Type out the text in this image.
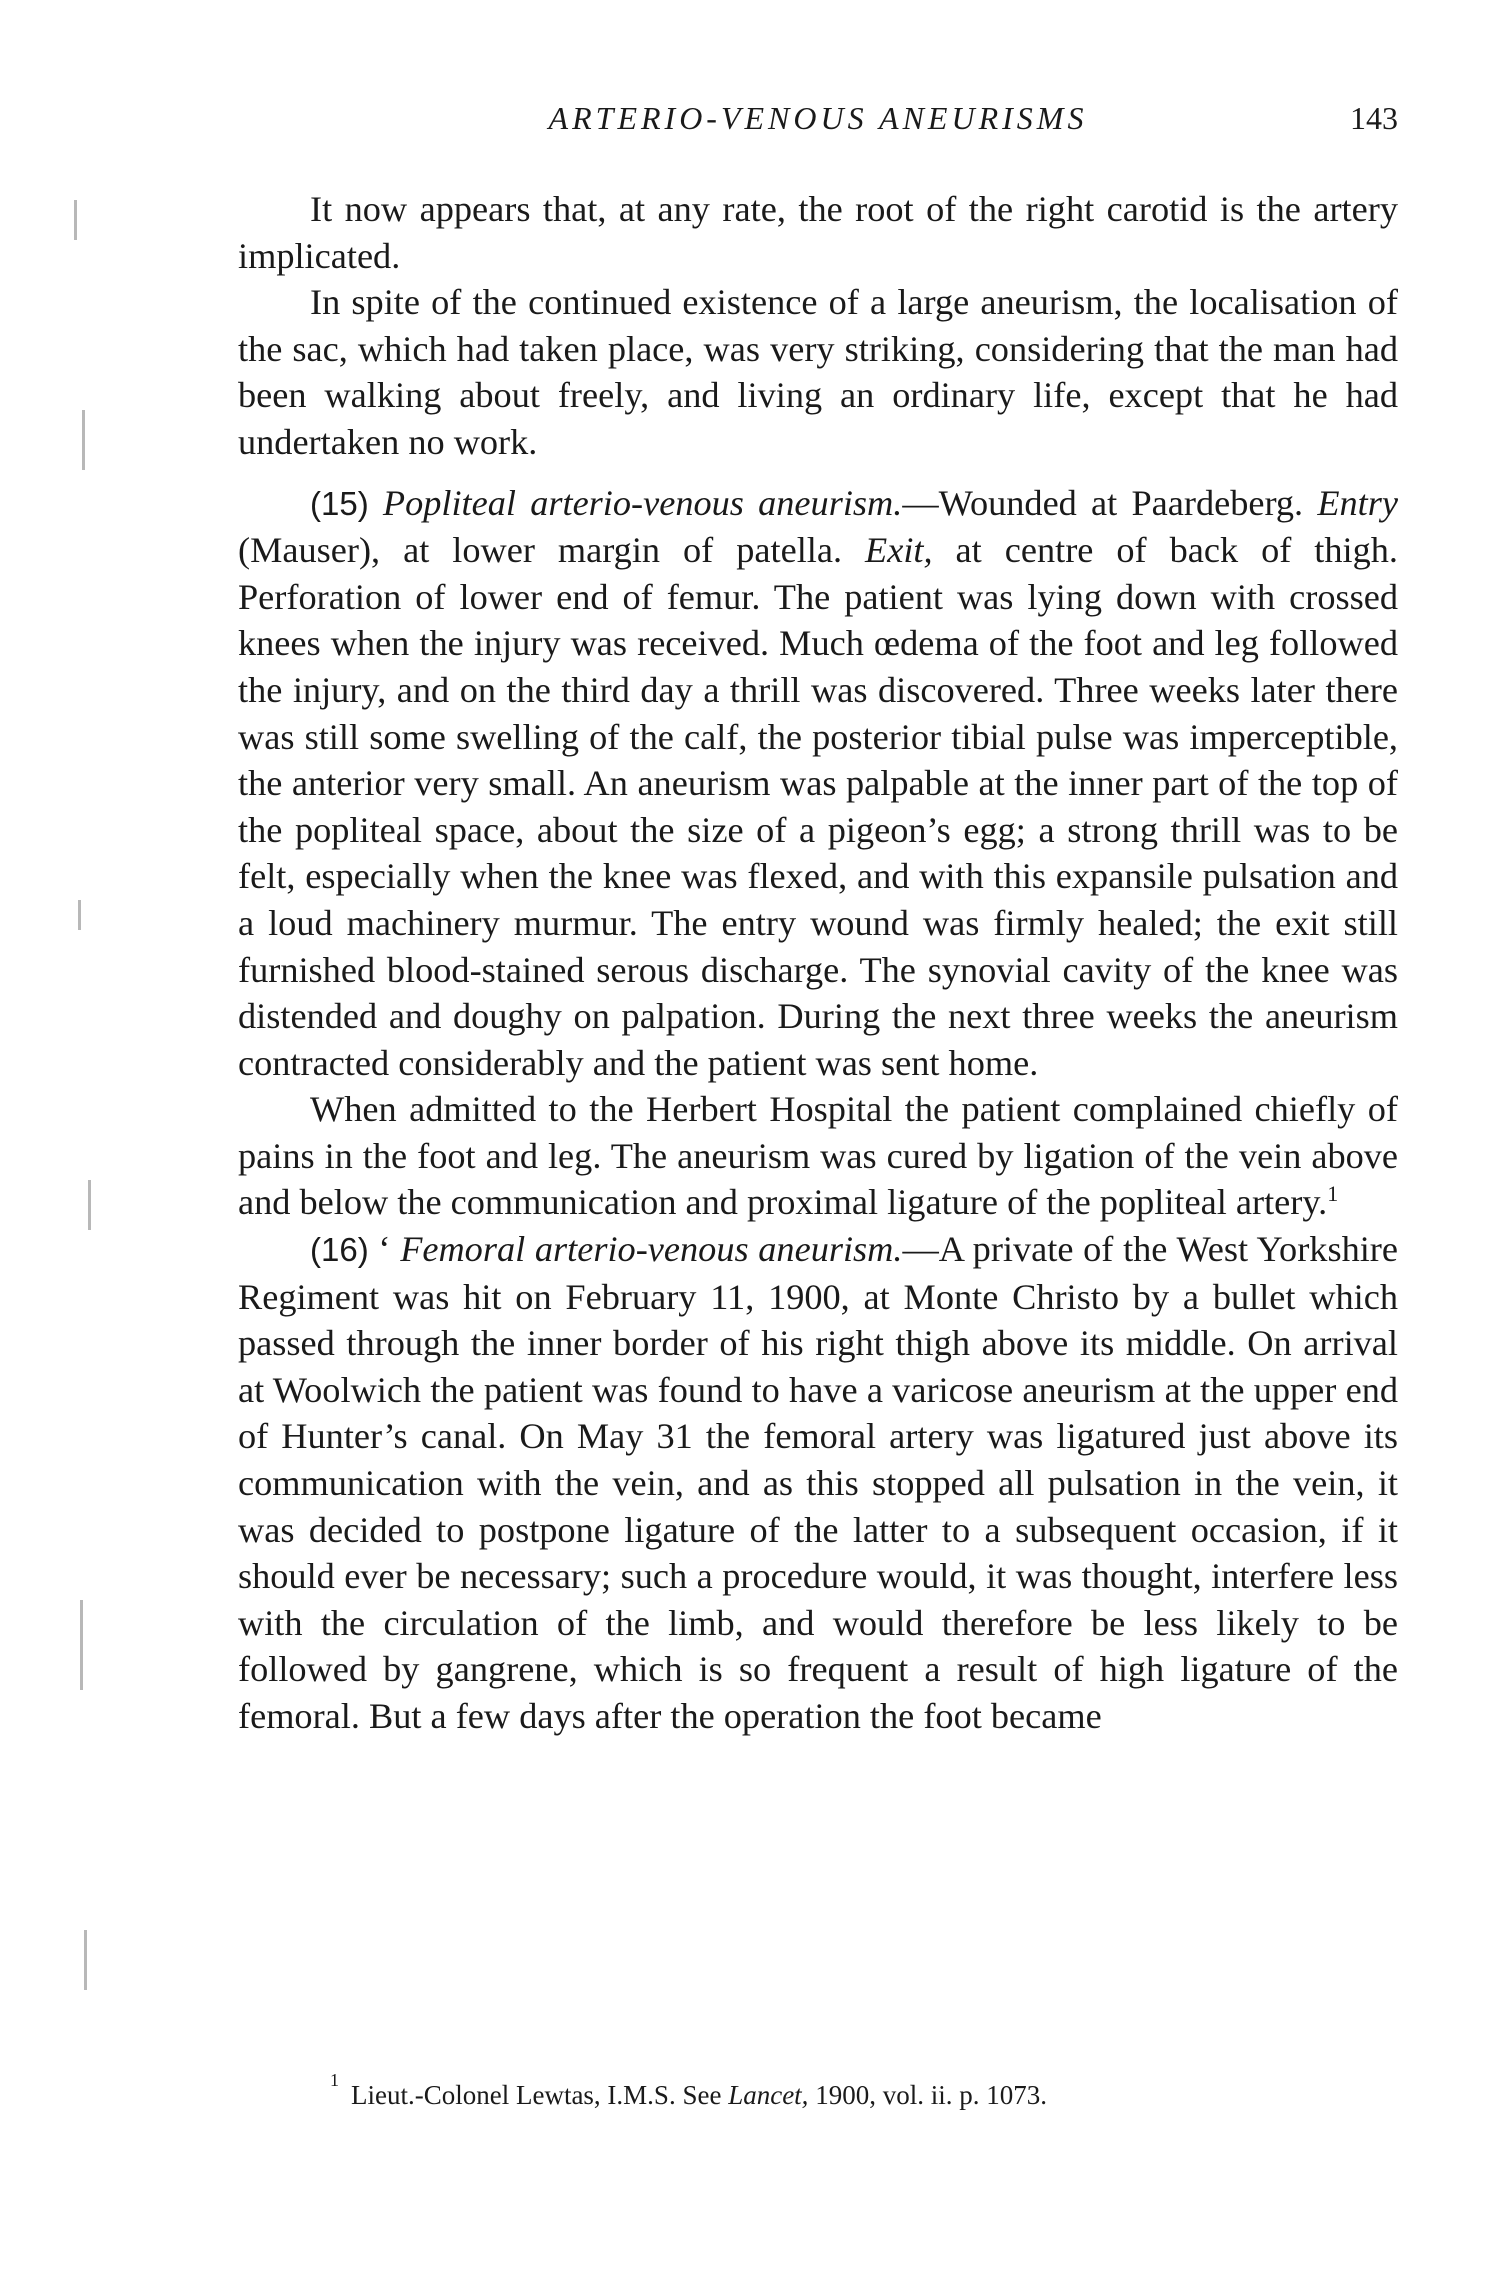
ARTERIO-VENOUS ANEURISMS	143

It now appears that, at any rate, the root of the right carotid is the artery implicated.

In spite of the continued existence of a large aneurism, the localisation of the sac, which had taken place, was very striking, considering that the man had been walking about freely, and living an ordinary life, except that he had undertaken no work.

(15) Popliteal arterio-venous aneurism.—Wounded at Paardeberg. Entry (Mauser), at lower margin of patella. Exit, at centre of back of thigh. Perforation of lower end of femur. The patient was lying down with crossed knees when the injury was received. Much œdema of the foot and leg followed the injury, and on the third day a thrill was discovered. Three weeks later there was still some swelling of the calf, the posterior tibial pulse was imperceptible, the anterior very small. An aneurism was palpable at the inner part of the top of the popliteal space, about the size of a pigeon’s egg; a strong thrill was to be felt, especially when the knee was flexed, and with this expansile pulsation and a loud machinery murmur. The entry wound was firmly healed; the exit still furnished blood-stained serous discharge. The synovial cavity of the knee was distended and doughy on palpation. During the next three weeks the aneurism contracted considerably and the patient was sent home.

When admitted to the Herbert Hospital the patient complained chiefly of pains in the foot and leg. The aneurism was cured by ligation of the vein above and below the communication and proximal ligature of the popliteal artery.$^1$

(16) ‘ Femoral arterio-venous aneurism.—A private of the West Yorkshire Regiment was hit on February 11, 1900, at Monte Christo by a bullet which passed through the inner border of his right thigh above its middle. On arrival at Woolwich the patient was found to have a varicose aneurism at the upper end of Hunter’s canal. On May 31 the femoral artery was ligatured just above its communication with the vein, and as this stopped all pulsation in the vein, it was decided to postpone ligature of the latter to a subsequent occasion, if it should ever be necessary; such a procedure would, it was thought, interfere less with the circulation of the limb, and would therefore be less likely to be followed by gangrene, which is so frequent a result of high ligature of the femoral. But a few days after the operation the foot became

$^1$ Lieut.-Colonel Lewtas, I.M.S. See Lancet, 1900, vol. ii. p. 1073.
